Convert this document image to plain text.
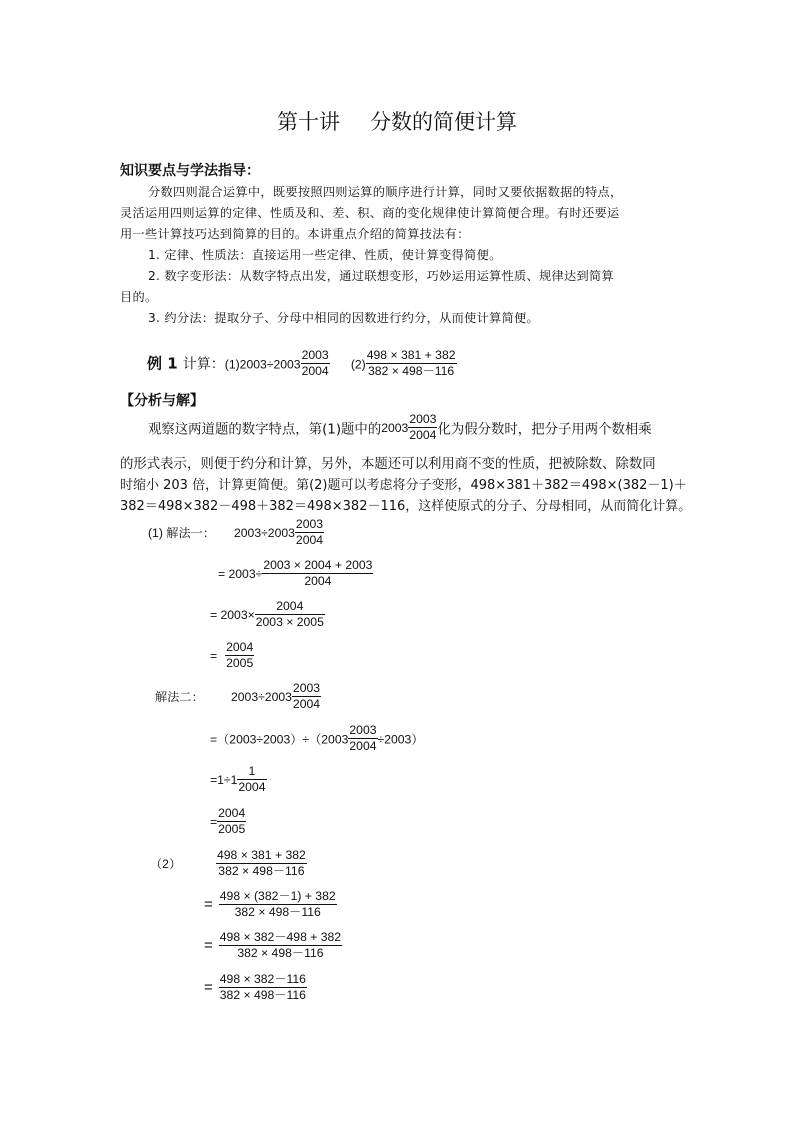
第十讲 分数的简便计算
知识要点与学法指导：
分数四则混合运算中，既要按照四则运算的顺序进行计算，同时又要依据数据的特点，
灵活运用四则运算的定律、性质及和、差、积、商的变化规律使计算简便合理。有时还要运
用一些计算技巧达到简算的目的。本讲重点介绍的简算技法有：
1. 定律、性质法：直接运用一些定律、性质，使计算变得简便。
2. 数字变形法：从数字特点出发，通过联想变形，巧妙运用运算性质、规律达到简算
目的。
3. 约分法：提取分子、分母中相同的因数进行约分，从而使计算简便。
例 1 计算：$(1)2003\div 2003 \frac{2003}{2004} (2) \frac{498 \times 381 + 382}{382 \times 498-116}$
【分析与解】
观察这两道题的数字特点，第(1)题中的$2003 \frac{2003}{2004}$ 化为假分数时，把分子用两个数相乘
的形式表示，则便于约分和计算，另外，本题还可以利用商不变的性质，把被除数、除数同
时缩小 203 倍，计算更简便。第(2)题可以考虑将分子变形，498×381＋382＝498×(382－1)＋
382＝498×382－498＋382＝498×382－116，这样使原式的分子、分母相同，从而简化计算。
(1) 解法一： $2003\div 2003 \frac{2003}{2004}$
= $2003\div \frac{2003 \times 2004 + 2003}{2004}$
= $2003\times \frac{2004}{2003 \times 2005}$
= $\frac{2004}{2005}$
解法二： $2003\div 2003 \frac{2003}{2004}$
$=(2003\div 2003)\div(2003 \frac{2003}{2004} \div 2003)$
$=1\div 1 \frac{1}{2004}$
= $\frac{2004}{2005}$
（2）	$\frac{498 \times 381 + 382}{382 \times 498-116}$
= $\frac{498 \times (382-1) + 382}{382 \times 498-116}$
= $\frac{498 \times 382-498 + 382}{382 \times 498-116}$
= $\frac{498 \times 382-116}{382 \times 498-116}$
